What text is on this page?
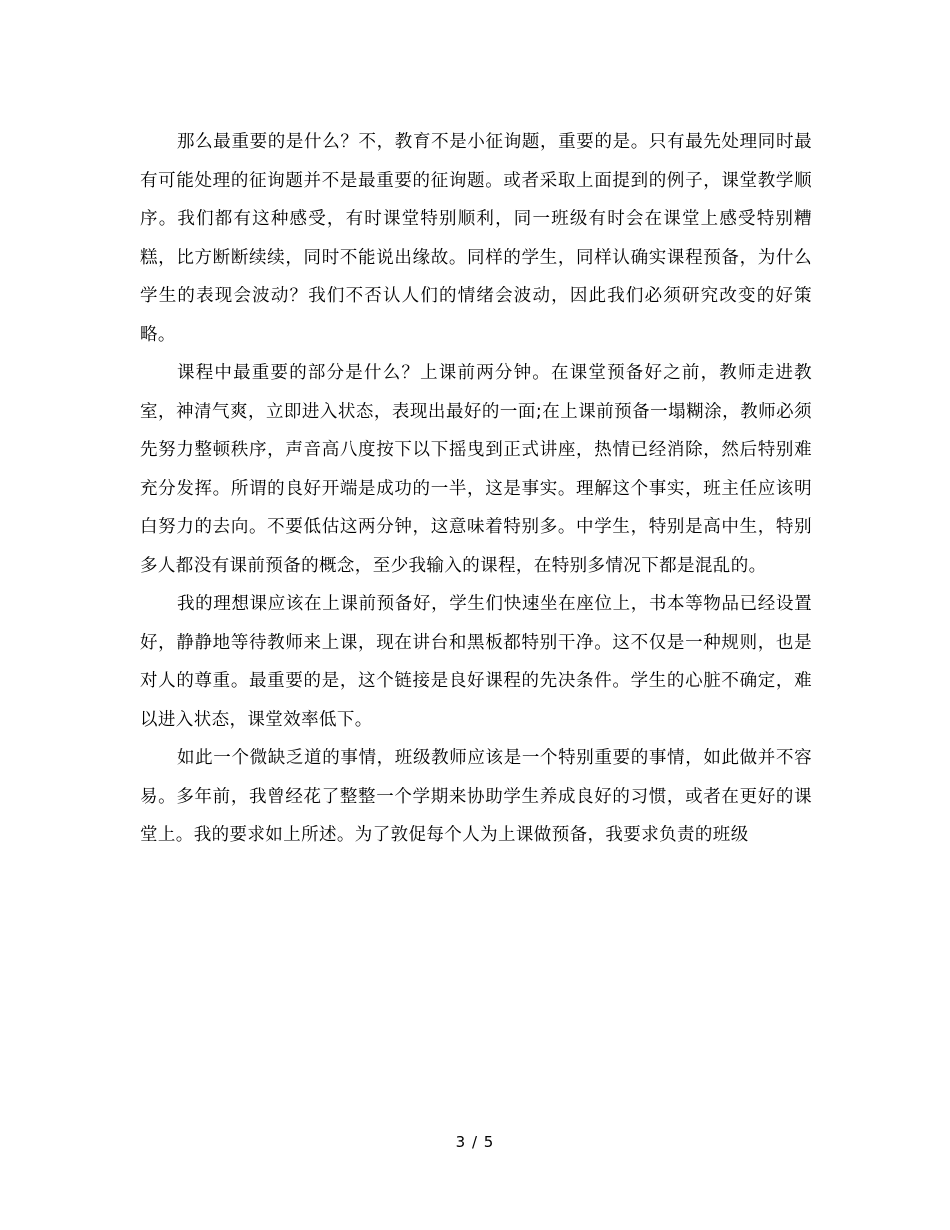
那么最重要的是什么？不，教育不是小征询题，重要的是。只有最先处理同时最有可能处理的征询题并不是最重要的征询题。或者采取上面提到的例子，课堂教学顺序。我们都有这种感受，有时课堂特别顺利，同一班级有时会在课堂上感受特别糟糕，比方断断续续，同时不能说出缘故。同样的学生，同样认确实课程预备，为什么学生的表现会波动？我们不否认人们的情绪会波动，因此我们必须研究改变的好策略。

课程中最重要的部分是什么？上课前两分钟。在课堂预备好之前，教师走进教室，神清气爽，立即进入状态，表现出最好的一面;在上课前预备一塌糊涂，教师必须先努力整顿秩序，声音高八度按下以下摇曳到正式讲座，热情已经消除，然后特别难充分发挥。所谓的良好开端是成功的一半，这是事实。理解这个事实，班主任应该明白努力的去向。不要低估这两分钟，这意味着特别多。中学生，特别是高中生，特别多人都没有课前预备的概念，至少我输入的课程，在特别多情况下都是混乱的。

我的理想课应该在上课前预备好，学生们快速坐在座位上，书本等物品已经设置好，静静地等待教师来上课，现在讲台和黑板都特别干净。这不仅是一种规则，也是对人的尊重。最重要的是，这个链接是良好课程的先决条件。学生的心脏不确定，难以进入状态，课堂效率低下。

如此一个微缺乏道的事情，班级教师应该是一个特别重要的事情，如此做并不容易。多年前，我曾经花了整整一个学期来协助学生养成良好的习惯，或者在更好的课堂上。我的要求如上所述。为了敦促每个人为上课做预备，我要求负责的班级

3 / 5
